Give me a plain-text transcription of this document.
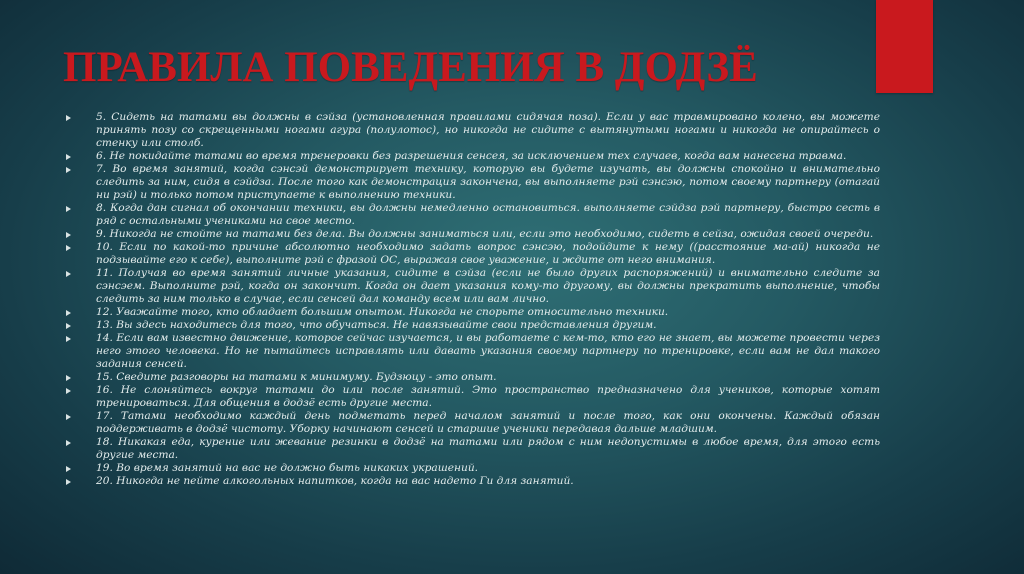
ПРАВИЛА ПОВЕДЕНИЯ В ДОДЗЁ
5. Сидеть на татами вы должны в сэйза (установленная правилами сидячая поза). Если у вас травмировано колено, вы можете принять позу со скрещенными ногами агура (полулотос), но никогда не сидите с вытянутыми ногами и никогда не опирайтесь о стенку или столб.
6. Не покидайте татами во время тренеровки без разрешения сенсея, за исключением тех случаев, когда вам нанесена травма.
7. Во время занятий, когда сэнсэй демонстрирует технику, которую вы будете изучать, вы должны спокойно и внимательно следить за ним, сидя в сэйдза. После того как демонстрация закончена, вы выполняете рэй сэнсэю, потом своему партнеру (отагай ни рэй) и только потом приступаете к выполнению техники.
8. Когда дан сигнал об окончании техники, вы должны немедленно остановиться. выполняете сэйдза рэй партнеру, быстро сесть в ряд с остальными учениками на свое место.
9. Никогда не стойте на татами без дела. Вы должны заниматься или, если это необходимо, сидеть в сейза, ожидая своей очереди.
10. Если по какой-то причине абсолютно необходимо задать вопрос сэнсэю, подойдите к нему ((расстояние ма-ай) никогда не подзывайте его к себе), выполните рэй с фразой ОС, выражая свое уважение, и ждите от него внимания.
11. Получая во время занятий личные указания, сидите в сэйза (если не было других распоряжений) и внимательно следите за сэнсэем. Выполните рэй, когда он закончит. Когда он дает указания кому-то другому, вы должны прекратить выполнение, чтобы следить за ним только в случае, если сенсей дал команду всем или вам лично.
12. Уважайте того, кто обладает большим опытом. Никогда не спорьте относительно техники.
13. Вы здесь находитесь для того, что обучаться. Не навязывайте свои представления другим.
14. Если вам известно движение, которое сейчас изучается, и вы работаете с кем-то, кто его не знает, вы можете провести через него этого человека. Но не пытайтесь исправлять или давать указания своему партнеру по тренировке, если вам не дал такого задания сенсей.
15. Сведите разговоры на татами к минимуму. Будзюцу - это опыт.
16. Не слоняйтесь вокруг татами до или после занятий. Это пространство предназначено для учеников, которые хотят тренироваться. Для общения в додзё есть другие места.
17. Татами необходимо каждый день подметать перед началом занятий и после того, как они окончены. Каждый обязан поддерживать в додзё чистоту. Уборку начинают сенсей и старшие ученики передавая дальше младшим.
18. Никакая еда, курение или жевание резинки в додзё на татами или рядом с ним недопустимы в любое время, для этого есть другие места.
19. Во время занятий на вас не должно быть никаких украшений.
20. Никогда не пейте алкогольных напитков, когда на вас надето Ги для занятий.
